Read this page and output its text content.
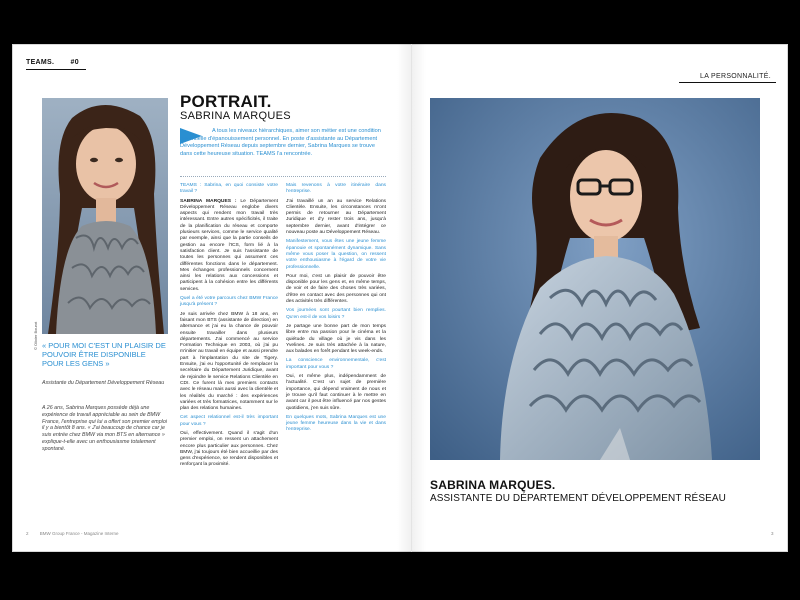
TEAMS. #0
LA PERSONNALITÉ.
© Olivier Bourot
PORTRAIT.
SABRINA MARQUES
A tous les niveaux hiérarchiques, aimer son métier est une condition essentielle d'épanouissement personnel. En poste d'assistante au Département Développement Réseau depuis septembre dernier, Sabrina Marques se trouve dans cette heureuse situation. TEAMS l'a rencontrée.

TEAMS : Sabrina, en quoi consiste votre travail ?

SABRINA MARQUES : Le Département Développement Réseau englobe divers aspects qui rendent mon travail très intéressant. Entre autres spécificités, il traite de la planification du réseau et comporte plusieurs services, comme le service qualité par exemple, ainsi que la partie conseils de gestion au encore l'ICS, form lié à la satisfaction client. Je suis l'assistante de toutes les personnes qui assument ces différentes fonctions dans le département. Mes échanges professionnels concernent ainsi les relations aux concessions et participent à la cohésion entre les différents services.

Quel a été votre parcours chez BMW France jusqu'à présent ?

Je suis arrivée chez BMW à 18 ans, en faisant mon BTS (assistante de direction) en alternance et j'ai eu la chance de pouvoir ensuite travailler dans plusieurs départements. J'ai commencé au service Formation Technique en 2003, où j'ai pu m'initier au travail en équipe et aussi prendre part à l'implantation du site de Tigery. Ensuite, j'ai eu l'opportunité de remplacer la secrétaire du Département Juridique, avant de rejoindre le service Relations Clientèle en CDI. Ce furent là mes premiers contacts avec le réseau mais aussi avec la clientèle et les réalités du marché : des expériences variées et très formatrices, notamment sur le plan des relations humaines.

Cet aspect relationnel est-il très important pour vous ?

Oui, effectivement. Quand il s'agit d'un premier emploi, on ressent un attachement encore plus particulier aux personnes. Chez BMW, j'ai toujours été bien accueillie par des gens d'expérience, se rendent disponibles et renforçant la proximité.

Mais revenons à votre itinéraire dans l'entreprise.

J'ai travaillé un an au service Relations Clientèle. Ensuite, les circonstances m'ont permis de retourner au Département Juridique et d'y rester trois ans, jusqu'à septembre dernier, avant d'intégrer ce nouveau poste au Développement Réseau.

Manifestement, vous êtes une jeune femme épanouie et spontanément dynamique. Sans même vous poser la question, on ressent votre enthousiasme à l'égard de votre vie professionnelle.

Pour moi, c'est un plaisir de pouvoir être disponible pour les gens et, en même temps, de voir et de faire des choses très variées, d'être en contact avec des personnes qui ont des activités très différentes.

Vos journées sont pourtant bien remplies. Qu'en est-il de vos loisirs ?

Je partage une bonne part de mon temps libre entre ma passion pour le cinéma et la quiétude du village où je vis dans les Yvelines. Je suis très attachée à la nature, aux balades en forêt pendant les week-ends.

La conscience environnementale, c'est important pour vous ?

Oui, et même plus, indépendamment de l'actualité. C'est un sujet de première importance, qui dépend vraiment de nous et je trouve qu'il faut continuer à le mettre en avant car il peut être influencé par nos gestes quotidiens, j'en suis sûre.

En quelques mots, Sabrina Marques est une jeune femme heureuse dans la vie et dans l'entreprise.

« POUR MOI C'EST UN PLAISIR DE POUVOIR ÊTRE DISPONIBLE POUR LES GENS »
Assistante du Département Développement Réseau
A 26 ans, Sabrina Marques possède déjà une expérience de travail appréciable au sein de BMW France, l'entreprise qui lui a offert son premier emploi il y a bientôt 8 ans. « J'ai beaucoup de chance car je suis entrée chez BMW via mon BTS en alternance » explique-t-elle avec un enthousiasme totalement spontané.
SABRINA MARQUES.
ASSISTANTE DU DÉPARTEMENT DÉVELOPPEMENT RÉSEAU
2	BMW Group France - Magazine Interne	3
